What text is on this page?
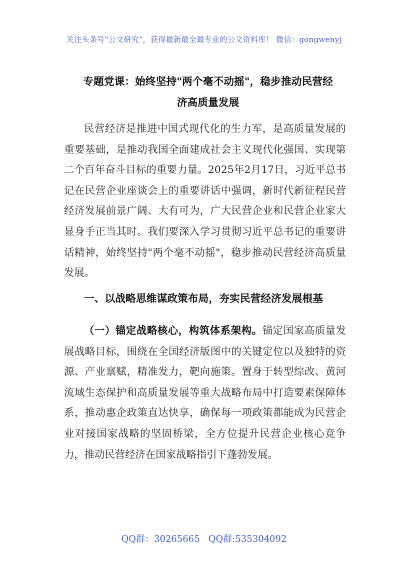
关注头条号"公文研究"，获得最新最全最专业的公文资料库！ 微信：gongwenyj
专题党课：始终坚持"两个毫不动摇"，稳步推动民营经
济高质量发展

民营经济是推进中国式现代化的生力军，是高质量发展的重要基础，是推动我国全面建成社会主义现代化强国、实现第二个百年奋斗目标的重要力量。2025年2月17日，习近平总书记在民营企业座谈会上的重要讲话中强调，新时代新征程民营经济发展前景广阔、大有可为，广大民营企业和民营企业家大显身手正当其时。我们要深入学习贯彻习近平总书记的重要讲话精神，始终坚持"两个毫不动摇"，稳步推动民营经济高质量发展。

一、以战略思维谋政策布局，夯实民营经济发展根基

（一）锚定战略核心，构筑体系架构。锚定国家高质量发展战略目标，围绕在全国经济版图中的关键定位以及独特的资源、产业禀赋，精准发力，靶向施策。置身于转型综改、黄河流域生态保护和高质量发展等重大战略布局中打造要素保障体系，推动惠企政策直达快享，确保每一项政策都能成为民营企业对接国家战略的坚固桥梁，全方位提升民营企业核心竞争力，推动民营经济在国家战略指引下蓬勃发展。

QQ群：30265665   QQ群:535304092
